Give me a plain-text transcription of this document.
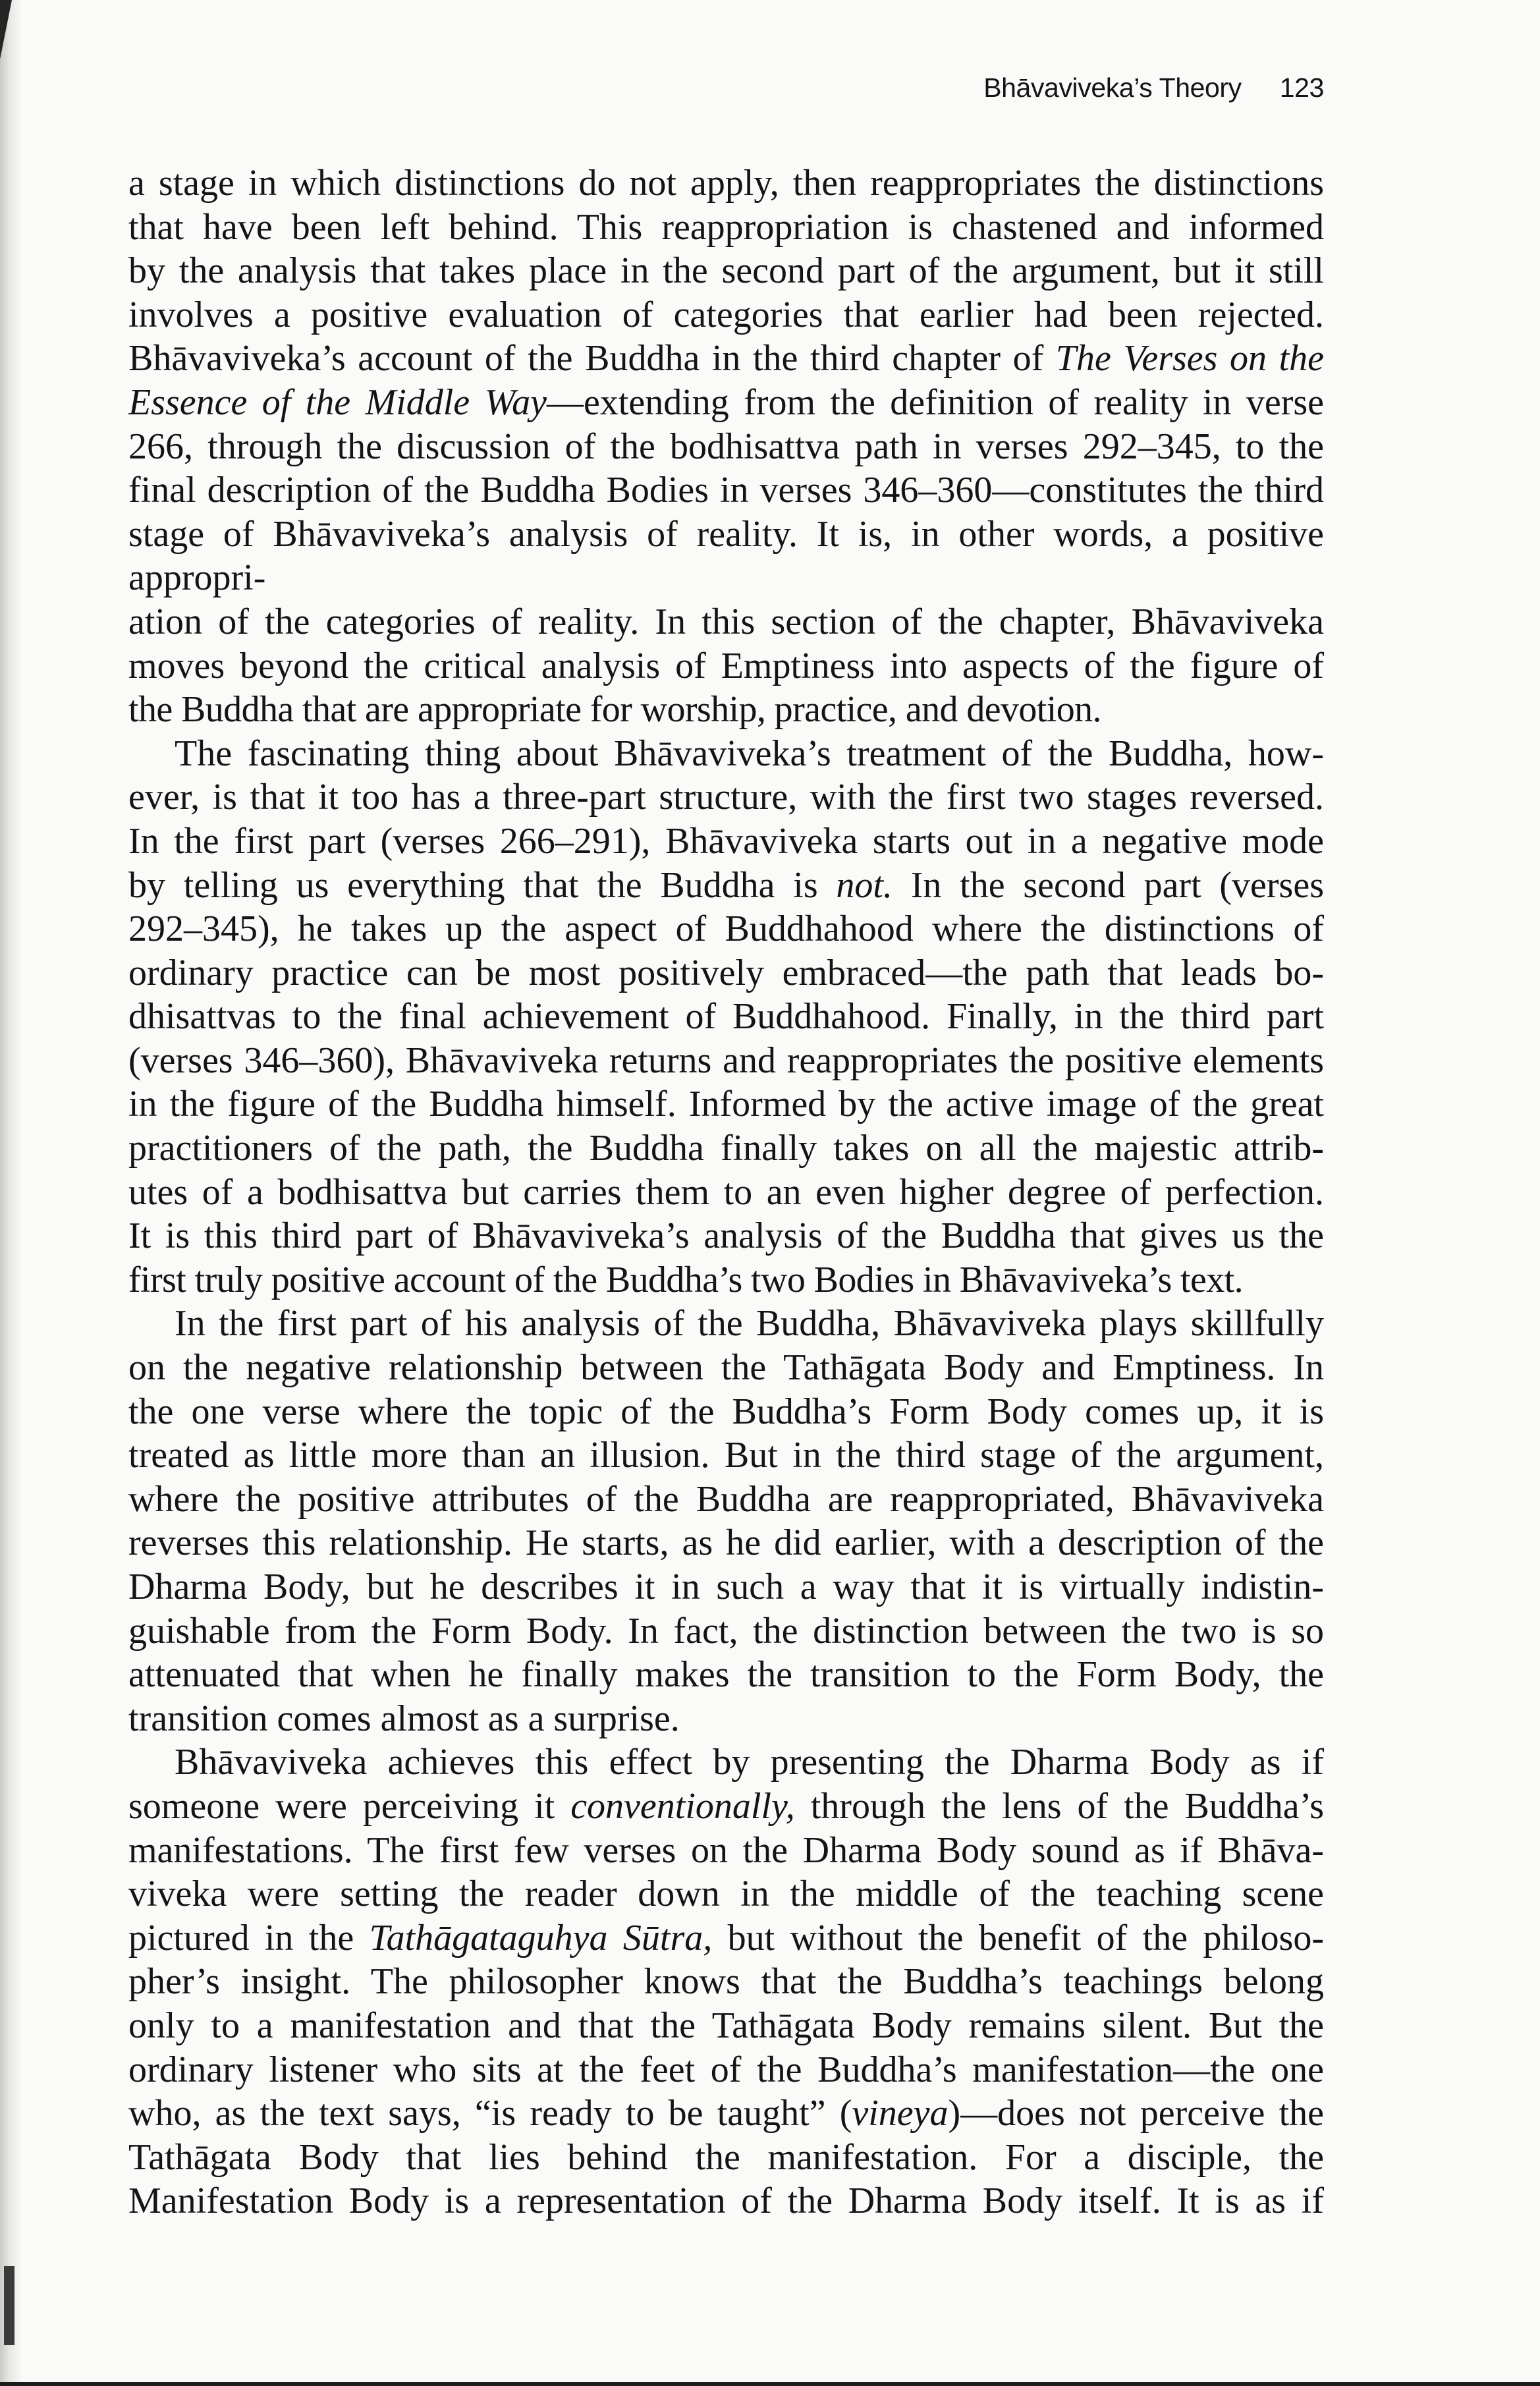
Bhāvaviveka’s Theory 123

a stage in which distinctions do not apply, then reappropriates the distinctions

that have been left behind. This reappropriation is chastened and informed

by the analysis that takes place in the second part of the argument, but it still

involves a positive evaluation of categories that earlier had been rejected.

Bhāvaviveka’s account of the Buddha in the third chapter of The Verses on the

Essence of the Middle Way—extending from the definition of reality in verse

266, through the discussion of the bodhisattva path in verses 292–345, to the

final description of the Buddha Bodies in verses 346–360—constitutes the third

stage of Bhāvaviveka’s analysis of reality. It is, in other words, a positive appropri-

ation of the categories of reality. In this section of the chapter, Bhāvaviveka

moves beyond the critical analysis of Emptiness into aspects of the figure of

the Buddha that are appropriate for worship, practice, and devotion.

The fascinating thing about Bhāvaviveka’s treatment of the Buddha, how-

ever, is that it too has a three-part structure, with the first two stages reversed.

In the first part (verses 266–291), Bhāvaviveka starts out in a negative mode

by telling us everything that the Buddha is not. In the second part (verses

292–345), he takes up the aspect of Buddhahood where the distinctions of

ordinary practice can be most positively embraced—the path that leads bo-

dhisattvas to the final achievement of Buddhahood. Finally, in the third part

(verses 346–360), Bhāvaviveka returns and reappropriates the positive elements

in the figure of the Buddha himself. Informed by the active image of the great

practitioners of the path, the Buddha finally takes on all the majestic attrib-

utes of a bodhisattva but carries them to an even higher degree of perfection.

It is this third part of Bhāvaviveka’s analysis of the Buddha that gives us the

first truly positive account of the Buddha’s two Bodies in Bhāvaviveka’s text.

In the first part of his analysis of the Buddha, Bhāvaviveka plays skillfully

on the negative relationship between the Tathāgata Body and Emptiness. In

the one verse where the topic of the Buddha’s Form Body comes up, it is

treated as little more than an illusion. But in the third stage of the argument,

where the positive attributes of the Buddha are reappropriated, Bhāvaviveka

reverses this relationship. He starts, as he did earlier, with a description of the

Dharma Body, but he describes it in such a way that it is virtually indistin-

guishable from the Form Body. In fact, the distinction between the two is so

attenuated that when he finally makes the transition to the Form Body, the

transition comes almost as a surprise.

Bhāvaviveka achieves this effect by presenting the Dharma Body as if

someone were perceiving it conventionally, through the lens of the Buddha’s

manifestations. The first few verses on the Dharma Body sound as if Bhāva-

viveka were setting the reader down in the middle of the teaching scene

pictured in the Tathāgataguhya Sūtra, but without the benefit of the philoso-

pher’s insight. The philosopher knows that the Buddha’s teachings belong

only to a manifestation and that the Tathāgata Body remains silent. But the

ordinary listener who sits at the feet of the Buddha’s manifestation—the one

who, as the text says, “is ready to be taught” (vineya)—does not perceive the

Tathāgata Body that lies behind the manifestation. For a disciple, the

Manifestation Body is a representation of the Dharma Body itself. It is as if
